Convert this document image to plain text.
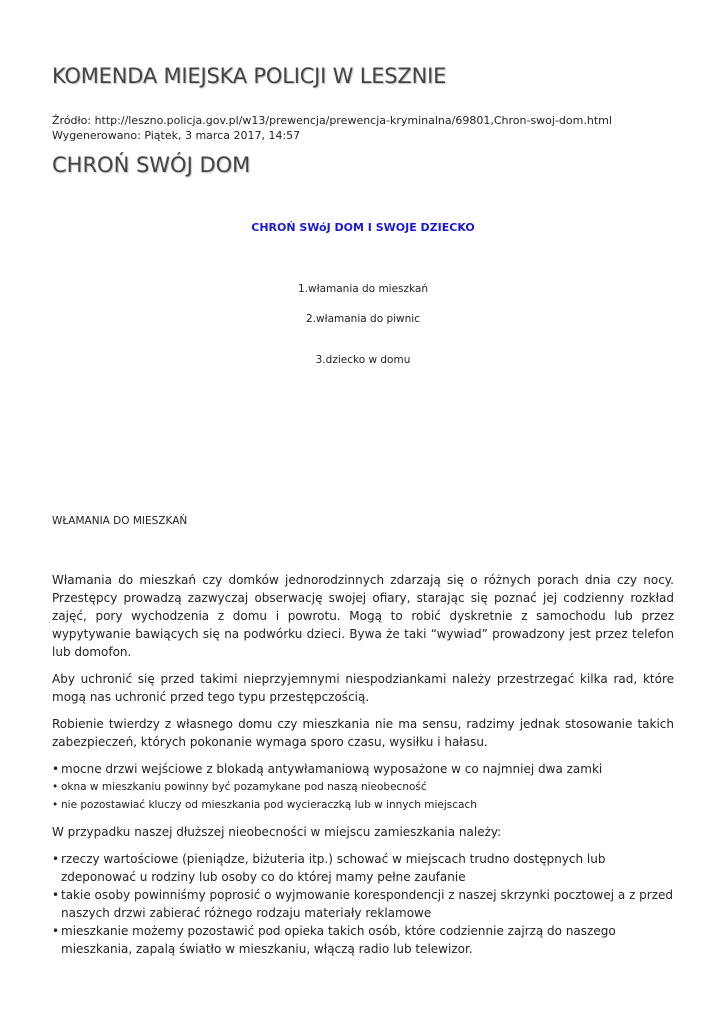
KOMENDA MIEJSKA POLICJI W LESZNIE
Źródło: http://leszno.policja.gov.pl/w13/prewencja/prewencja-kryminalna/69801,Chron-swoj-dom.html
Wygenerowano: Piątek, 3 marca 2017, 14:57
CHROŃ SWÓJ DOM
CHROŃ SWóJ DOM I SWOJE DZIECKO
1.włamania do mieszkań
2.włamania do piwnic
3.dziecko w domu
WŁAMANIA DO MIESZKAŃ

Włamania do mieszkań czy domków jednorodzinnych zdarzają się o różnych porach dnia czy nocy. Przestępcy prowadzą zazwyczaj obserwację swojej ofiary, starając się poznać jej codzienny rozkład zajęć, pory wychodzenia z domu i powrotu. Mogą to robić dyskretnie z samochodu lub przez wypytywanie bawiących się na podwórku dzieci. Bywa że taki “wywiad” prowadzony jest przez telefon lub domofon.

Aby uchronić się przed takimi nieprzyjemnymi niespodziankami należy przestrzegać kilka rad, które mogą nas uchronić przed tego typu przestępczością.

Robienie twierdzy z własnego domu czy mieszkania nie ma sensu, radzimy jednak stosowanie takich zabezpieczeń, których pokonanie wymaga sporo czasu, wysiłku i hałasu.

• mocne drzwi wejściowe z blokadą antywłamaniową wyposażone w co najmniej dwa zamki
• okna w mieszkaniu powinny być pozamykane pod naszą nieobecność
• nie pozostawiać kluczy od mieszkania pod wycieraczką lub w innych miejscach

W przypadku naszej dłuższej nieobecności w miejscu zamieszkania należy:

• rzeczy wartościowe (pieniądze, biżuteria itp.) schować w miejscach trudno dostępnych lub zdeponować u rodziny lub osoby co do której mamy pełne zaufanie
• takie osoby powinniśmy poprosić o wyjmowanie korespondencji z naszej skrzynki pocztowej a z przed naszych drzwi zabierać różnego rodzaju materiały reklamowe
• mieszkanie możemy pozostawić pod opieka takich osób, które codziennie zajrzą do naszego mieszkania, zapalą światło w mieszkaniu, włączą radio lub telewizor.
